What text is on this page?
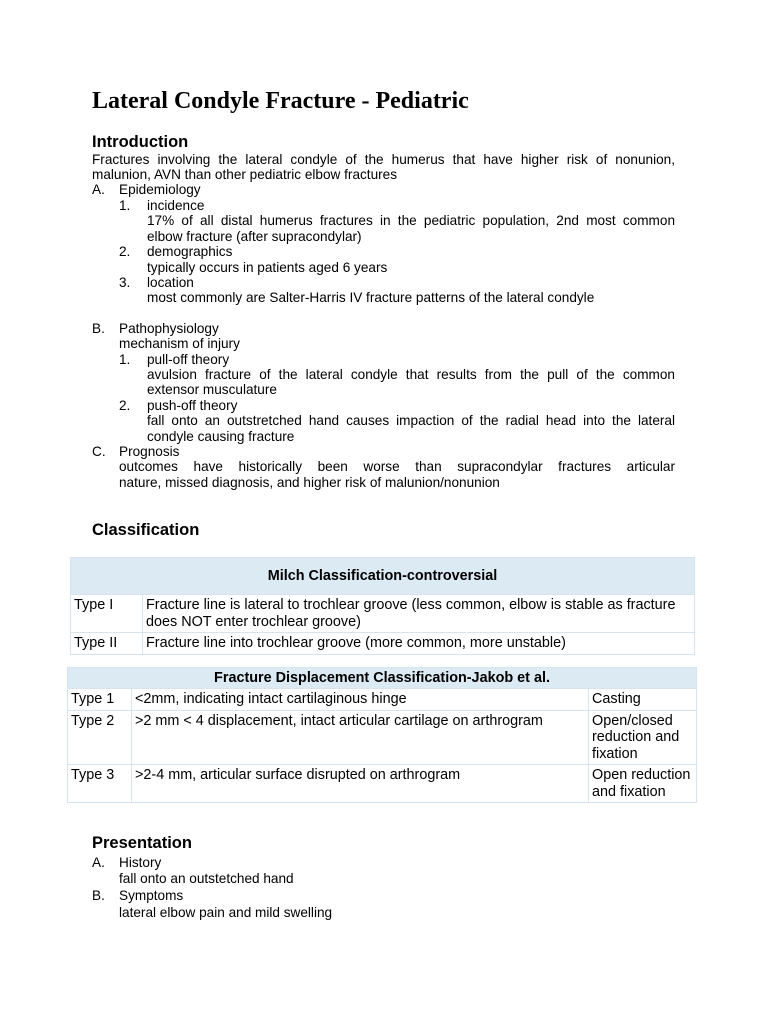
Lateral Condyle Fracture - Pediatric
Introduction
Fractures involving the lateral condyle of the humerus that have higher risk of nonunion,
malunion, AVN than other pediatric elbow fractures
A. Epidemiology
1. incidence
17% of all distal humerus fractures in the pediatric population, 2nd most common
elbow fracture (after supracondylar)
2. demographics
typically occurs in patients aged 6 years
3. location
most commonly are Salter-Harris IV fracture patterns of the lateral condyle
B. Pathophysiology
mechanism of injury
1. pull-off theory
avulsion fracture of the lateral condyle that results from the pull of the common
extensor musculature
2. push-off theory
fall onto an outstretched hand causes impaction of the radial head into the lateral
condyle causing fracture
C. Prognosis
outcomes have historically been worse than supracondylar fractures articular
nature, missed diagnosis, and higher risk of malunion/nonunion
Classification
Milch Classification-controversial	
Type I	Fracture line is lateral to trochlear groove (less common, elbow is stable as fracture does NOT enter trochlear groove)
Type II	Fracture line into trochlear groove (more common, more unstable)
Fracture Displacement Classification-Jakob et al.		
Type 1	<2mm, indicating intact cartilaginous hinge	Casting
Type 2	>2 mm < 4 displacement, intact articular cartilage on arthrogram	Open/closed reduction and fixation
Type 3	>2-4 mm, articular surface disrupted on arthrogram	Open reduction and fixation
Presentation
A. History
fall onto an outstetched hand
B. Symptoms
lateral elbow pain and mild swelling
